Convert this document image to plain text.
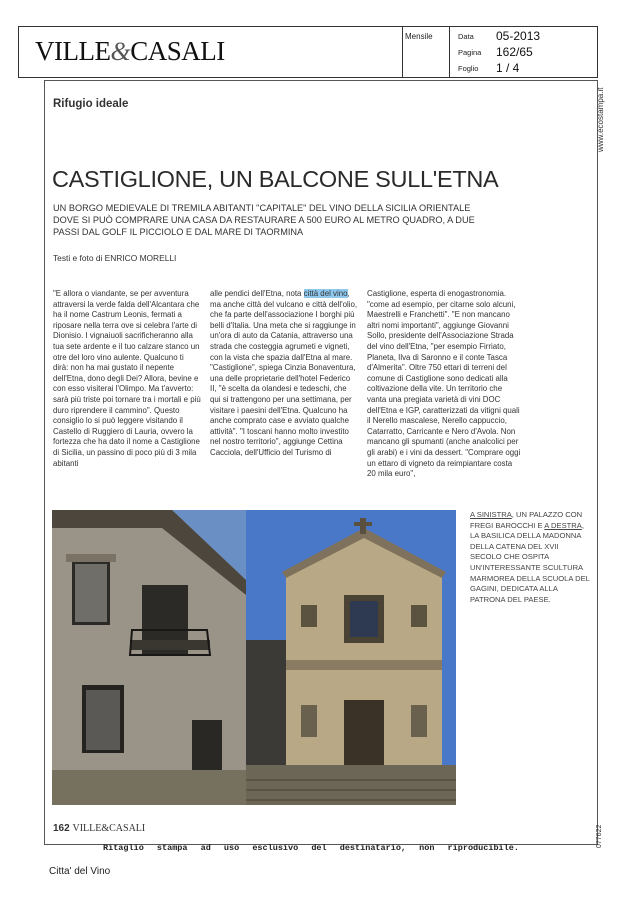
VILLE&CASALI	Mensile	Data 05-2013
Pagina 162/65
Foglio 1 / 4
www.ecostampa.it
077622
Rifugio ideale
CASTIGLIONE, UN BALCONE SULL'ETNA
UN BORGO MEDIEVALE DI TREMILA ABITANTI "CAPITALE" DEL VINO DELLA SICILIA ORIENTALE DOVE SI PUÒ COMPRARE UNA CASA DA RESTAURARE A 500 EURO AL METRO QUADRO, A DUE PASSI DAL GOLF IL PICCIOLO E DAL MARE DI TAORMINA
Testi e foto di ENRICO MORELLI
"E allora o viandante, se per avventura attraversi la verde falda dell'Alcantara che ha il nome Castrum Leonis, fermati a riposare nella terra ove si celebra l'arte di Dionisio. I vignaiuoli sacrificheranno alla tua sete ardente e il tuo calzare stanco un otre del loro vino aulente. Qualcuno ti dirà: non ha mai gustato il nepente dell'Etna, dono degli Dei? Allora, bevine e con esso visiterai l'Olimpo. Ma t'avverto: sarà più triste poi tornare tra i mortali e più duro riprendere il cammino". Questo consiglio lo si può leggere visitando il Castello di Ruggiero di Lauria, ovvero la fortezza che ha dato il nome a Castiglione di Sicilia, un passino di poco più di 3 mila abitanti
alle pendici dell'Etna, nota città del vino, ma anche città del vulcano e città dell'olio, che fa parte dell'associazione I borghi più belli d'Italia. Una meta che si raggiunge in un'ora di auto da Catania, attraverso una strada che costeggia agrumeti e vigneti, con la vista che spazia dall'Etna al mare. "Castiglione", spiega Cinzia Bonaventura, una delle proprietarie dell'hotel Federico II, "è scelta da olandesi e tedeschi, che qui si trattengono per una settimana, per visitare i paesini dell'Etna. Qualcuno ha anche comprato case e avviato qualche attività". "I toscani hanno molto investito nel nostro territorio", aggiunge Cettina Cacciola, dell'Ufficio del Turismo di
Castiglione, esperta di enogastronomia. "come ad esempio, per citarne solo alcuni, Maestrelli e Franchetti". "E non mancano altri nomi importanti", aggiunge Giovanni Sollo, presidente dell'Associazione Strada del vino dell'Etna, "per esempio Firriato, Planeta, Ilva di Saronno e il conte Tasca d'Almerita". Oltre 750 ettari di terreni del comune di Castiglione sono dedicati alla coltivazione della vite. Un territorio che vanta una pregiata varietà di vini DOC dell'Etna e IGP, caratterizzati da vitigni quali il Nerello mascalese, Nerello cappuccio, Catarratto, Carricante e Nero d'Avola. Non mancano gli spumanti (anche analcolici per gli arabi) e i vini da dessert. "Comprare oggi un ettaro di vigneto da reimpiantare costa 20 mila euro",
A SINISTRA, UN PALAZZO CON FREGI BAROCCHI E A DESTRA, LA BASILICA DELLA MADONNA DELLA CATENA DEL XVII SECOLO CHE OSPITA UN'INTERESSANTE SCULTURA MARMOREA DELLA SCUOLA DEL GAGINI, DEDICATA ALLA PATRONA DEL PAESE.
162 VILLE&CASALI
Ritaglio stampa ad uso esclusivo del destinatario, non riproducibile.
Citta' del Vino
